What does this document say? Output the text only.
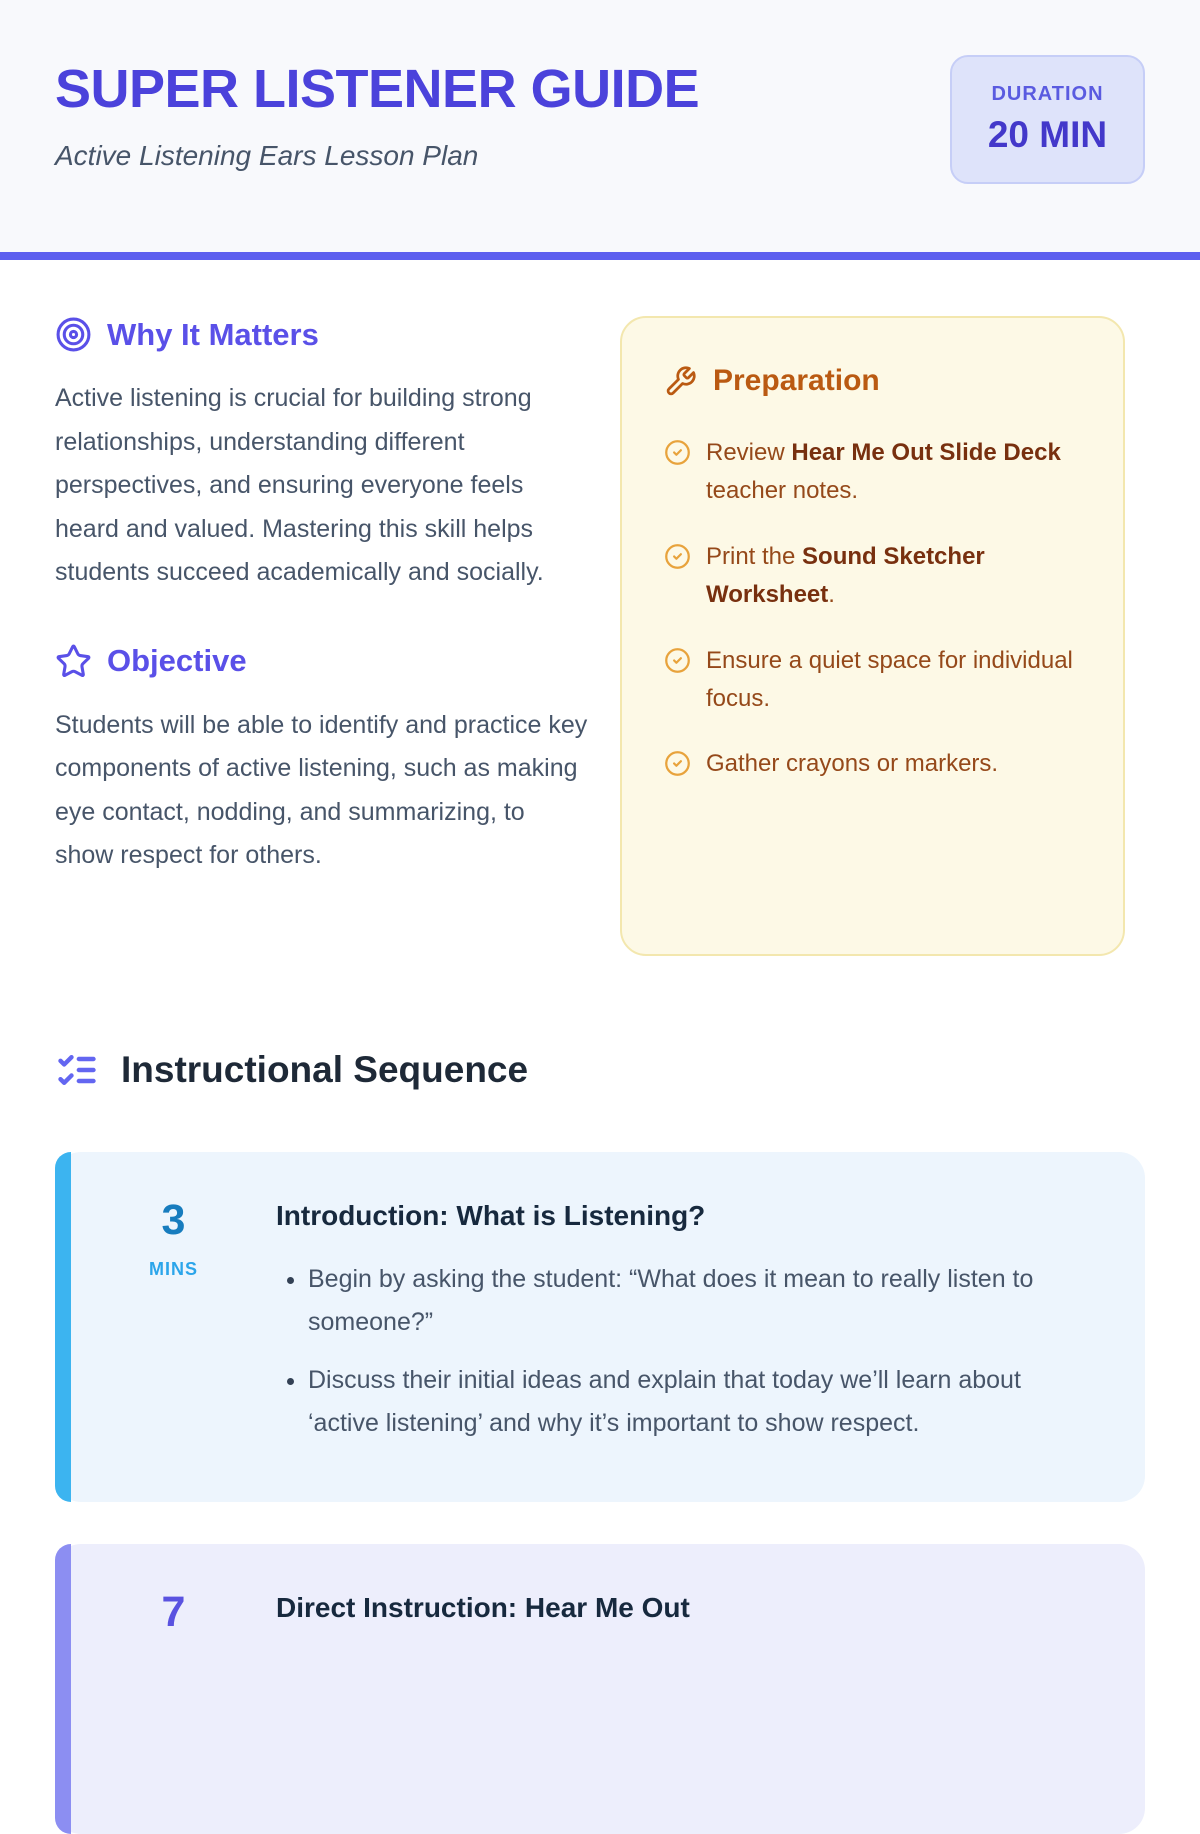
SUPER LISTENER GUIDE
Active Listening Ears Lesson Plan
DURATION
20 MIN
Why It Matters

Active listening is crucial for building strong relationships, understanding different perspectives, and ensuring everyone feels heard and valued. Mastering this skill helps students succeed academically and socially.

Objective

Students will be able to identify and practice key components of active listening, such as making eye contact, nodding, and summarizing, to show respect for others.

Preparation
Review Hear Me Out Slide Deck teacher notes.
Print the Sound Sketcher Worksheet.
Ensure a quiet space for individual focus.
Gather crayons or markers.
Instructional Sequence
3
MINS
Introduction: What is Listening?
• Begin by asking the student: “What does it mean to really listen to someone?”
• Discuss their initial ideas and explain that today we’ll learn about ‘active listening’ and why it’s important to show respect.
7	Direct Instruction: Hear Me Out
